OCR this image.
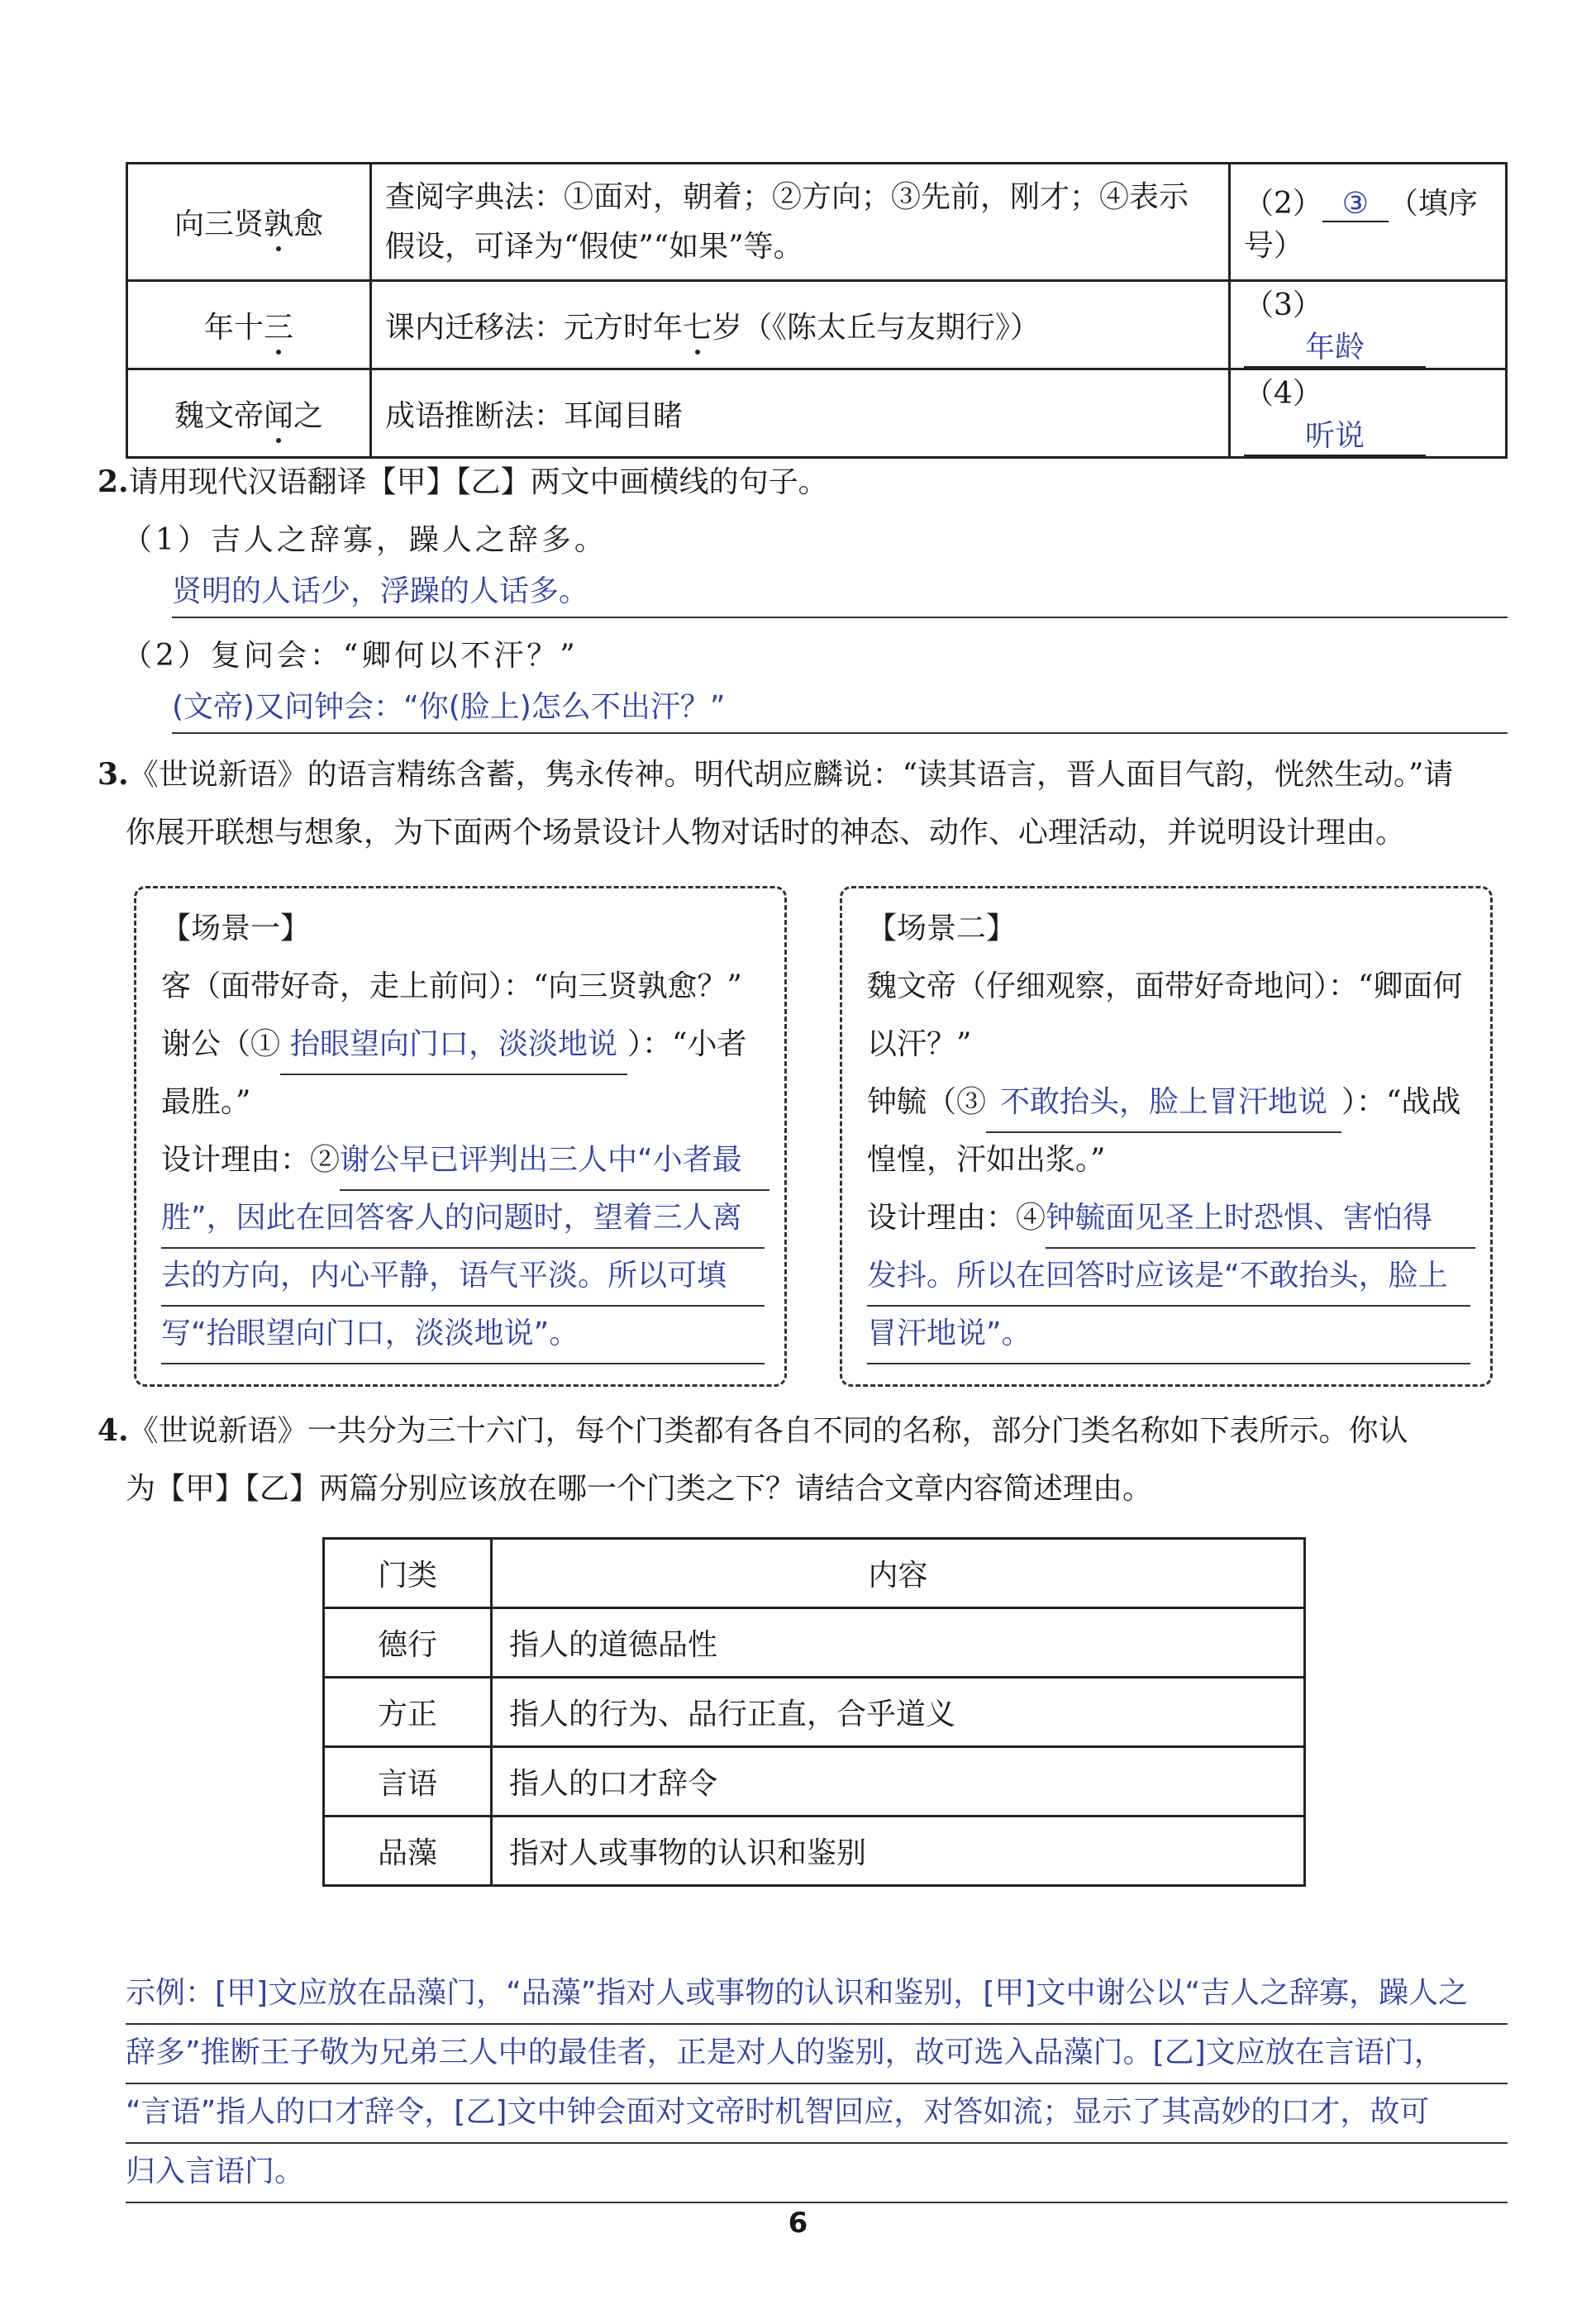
向三贤孰愈	查阅字典法：①面对，朝着；②方向；③先前，刚才；④表示假设，可译为“假使”“如果”等。	（2） ③ （填序号）
年十三	课内迁移法：元方时年七岁（《陈太丘与友期行》）	（3）年龄
魏文帝闻之	成语推断法：耳闻目睹	（4）听说
2.请用现代汉语翻译【甲】【乙】两文中画横线的句子。
（1）吉人之辞寡，躁人之辞多。
贤明的人话少，浮躁的人话多。
（2）复问会：“卿何以不汗？”
(文帝)又问钟会：“你(脸上)怎么不出汗？”
3.《世说新语》的语言精练含蓄，隽永传神。明代胡应麟说：“读其语言，晋人面目气韵，恍然生动。”请
你展开联想与想象，为下面两个场景设计人物对话时的神态、动作、心理活动，并说明设计理由。
【场景一】
客（面带好奇，走上前问）：“向三贤孰愈？”
谢公（① 抬眼望向门口，淡淡地说 ）：“小者
最胜。”
设计理由：②谢公早已评判出三人中“小者最
胜”，因此在回答客人的问题时，望着三人离
去的方向，内心平静，语气平淡。所以可填
写“抬眼望向门口，淡淡地说”。
【场景二】
魏文帝（仔细观察，面带好奇地问）：“卿面何
以汗？”
钟毓（③ 不敢抬头，脸上冒汗地说 ）：“战战
惶惶，汗如出浆。”
设计理由：④钟毓面见圣上时恐惧、害怕得
发抖。所以在回答时应该是“不敢抬头，脸上
冒汗地说”。
4.《世说新语》一共分为三十六门，每个门类都有各自不同的名称，部分门类名称如下表所示。你认
为【甲】【乙】两篇分别应该放在哪一个门类之下？请结合文章内容简述理由。
门类	内容
德行	指人的道德品性
方正	指人的行为、品行正直，合乎道义
言语	指人的口才辞令
品藻	指对人或事物的认识和鉴别
示例：[甲]文应放在品藻门，“品藻”指对人或事物的认识和鉴别，[甲]文中谢公以“吉人之辞寡，躁人之
辞多”推断王子敬为兄弟三人中的最佳者，正是对人的鉴别，故可选入品藻门。[乙]文应放在言语门，
“言语”指人的口才辞令，[乙]文中钟会面对文帝时机智回应，对答如流；显示了其高妙的口才，故可
归入言语门。
6
